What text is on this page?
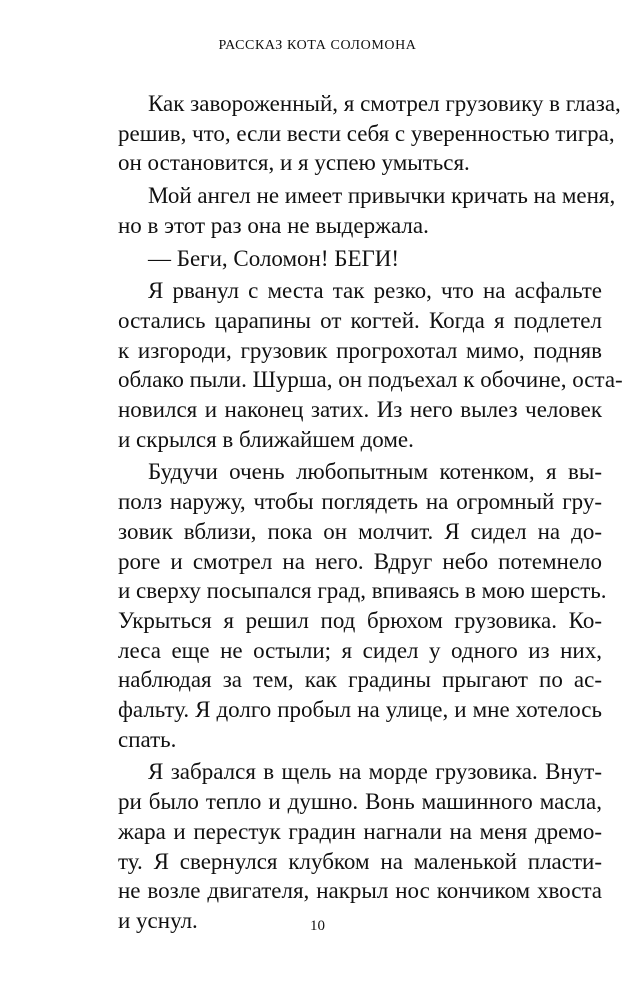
РАССКАЗ КОТА СОЛОМОНА

Как завороженный, я смотрел грузовику в глаза,
решив, что, если вести себя с уверенностью тигра,
он остановится, и я успею умыться.

Мой ангел не имеет привычки кричать на меня,
но в этот раз она не выдержала.

— Беги, Соломон! БЕГИ!

Я рванул с места так резко, что на асфальте
остались царапины от когтей. Когда я подлетел
к изгороди, грузовик прогрохотал мимо, подняв
облако пыли. Шурша, он подъехал к обочине, оста-
новился и наконец затих. Из него вылез человек
и скрылся в ближайшем доме.

Будучи очень любопытным котенком, я вы-
полз наружу, чтобы поглядеть на огромный гру-
зовик вблизи, пока он молчит. Я сидел на до-
роге и смотрел на него. Вдруг небо потемнело
и сверху посыпался град, впиваясь в мою шерсть.
Укрыться я решил под брюхом грузовика. Ко-
леса еще не остыли; я сидел у одного из них,
наблюдая за тем, как градины прыгают по ас-
фальту. Я долго пробыл на улице, и мне хотелось
спать.

Я забрался в щель на морде грузовика. Внут-
ри было тепло и душно. Вонь машинного масла,
жара и перестук градин нагнали на меня дремо-
ту. Я свернулся клубком на маленькой пласти-
не возле двигателя, накрыл нос кончиком хвоста
и уснул.	10
